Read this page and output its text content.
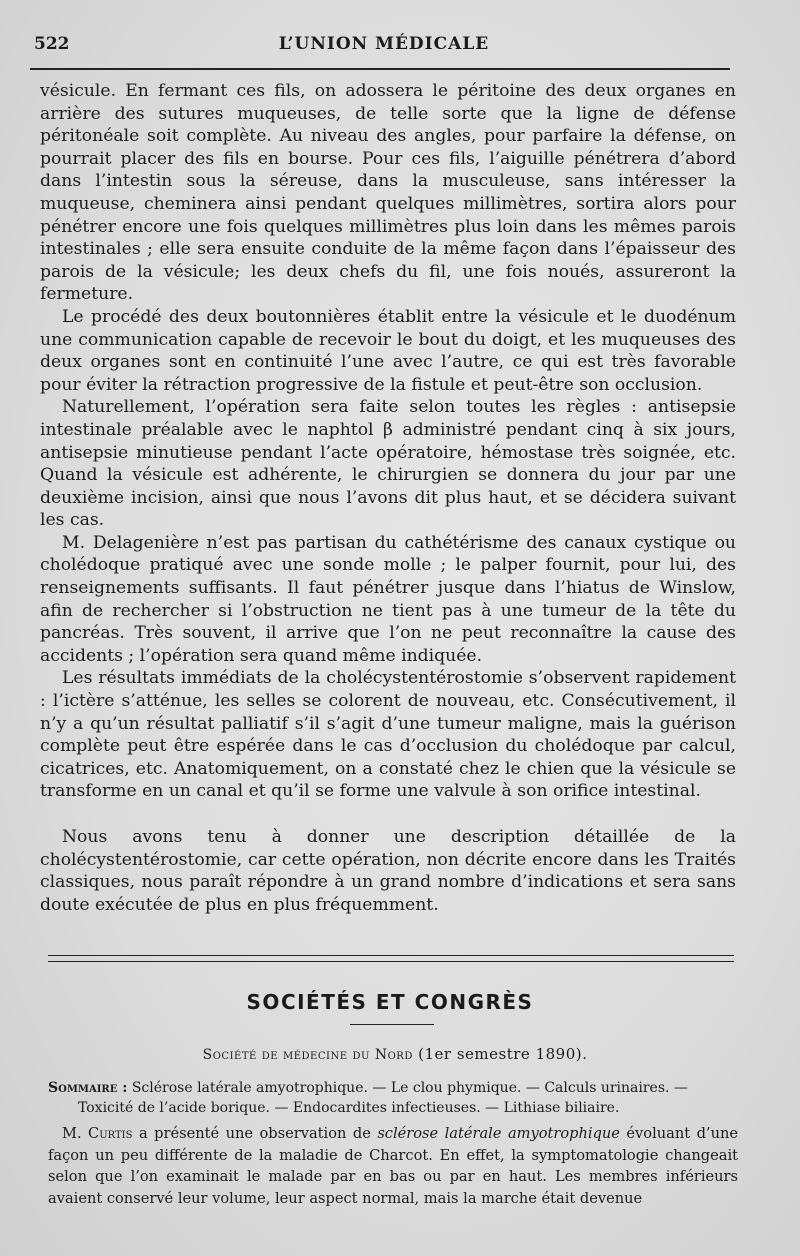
522	L’UNION MÉDICALE

vésicule. En fermant ces fils, on adossera le péritoine des deux organes en arrière des sutures muqueuses, de telle sorte que la ligne de défense péritonéale soit complète. Au niveau des angles, pour parfaire la défense, on pourrait placer des fils en bourse. Pour ces fils, l’aiguille pénétrera d’abord dans l’intestin sous la séreuse, dans la musculeuse, sans intéresser la muqueuse, cheminera ainsi pendant quelques millimètres, sortira alors pour pénétrer encore une fois quelques millimètres plus loin dans les mêmes parois intestinales ; elle sera ensuite conduite de la même façon dans l’épaisseur des parois de la vésicule; les deux chefs du fil, une fois noués, assureront la fermeture.

Le procédé des deux boutonnières établit entre la vésicule et le duodénum une communication capable de recevoir le bout du doigt, et les muqueuses des deux organes sont en continuité l’une avec l’autre, ce qui est très favorable pour éviter la rétraction progressive de la fistule et peut-être son occlusion.

Naturellement, l’opération sera faite selon toutes les règles : antisepsie intestinale préalable avec le naphtol β administré pendant cinq à six jours, antisepsie minutieuse pendant l’acte opératoire, hémostase très soignée, etc. Quand la vésicule est adhérente, le chirurgien se donnera du jour par une deuxième incision, ainsi que nous l’avons dit plus haut, et se décidera suivant les cas.

M. Delagenière n’est pas partisan du cathétérisme des canaux cystique ou cholédoque pratiqué avec une sonde molle ; le palper fournit, pour lui, des renseignements suffisants. Il faut pénétrer jusque dans l’hiatus de Winslow, afin de rechercher si l’obstruction ne tient pas à une tumeur de la tête du pancréas. Très souvent, il arrive que l’on ne peut reconnaître la cause des accidents ; l’opération sera quand même indiquée.

Les résultats immédiats de la cholécystentérostomie s’observent rapidement : l’ictère s’atténue, les selles se colorent de nouveau, etc. Consécutivement, il n’y a qu’un résultat palliatif s’il s’agit d’une tumeur maligne, mais la guérison complète peut être espérée dans le cas d’occlusion du cholédoque par calcul, cicatrices, etc. Anatomiquement, on a constaté chez le chien que la vésicule se transforme en un canal et qu’il se forme une valvule à son orifice intestinal.

Nous avons tenu à donner une description détaillée de la cholécystentérostomie, car cette opération, non décrite encore dans les Traités classiques, nous paraît répondre à un grand nombre d’indications et sera sans doute exécutée de plus en plus fréquemment.

SOCIÉTÉS ET CONGRÈS
Société de médecine du Nord (1er semestre 1890).
Sommaire : Sclérose latérale amyotrophique. — Le clou phymique. — Calculs urinaires. —
Toxicité de l’acide borique. — Endocardites infectieuses. — Lithiase biliaire.

M. Curtis a présenté une observation de sclérose latérale amyotrophique évoluant d’une façon un peu différente de la maladie de Charcot. En effet, la symptomatologie changeait selon que l’on examinait le malade par en bas ou par en haut. Les membres inférieurs avaient conservé leur volume, leur aspect normal, mais la marche était devenue
